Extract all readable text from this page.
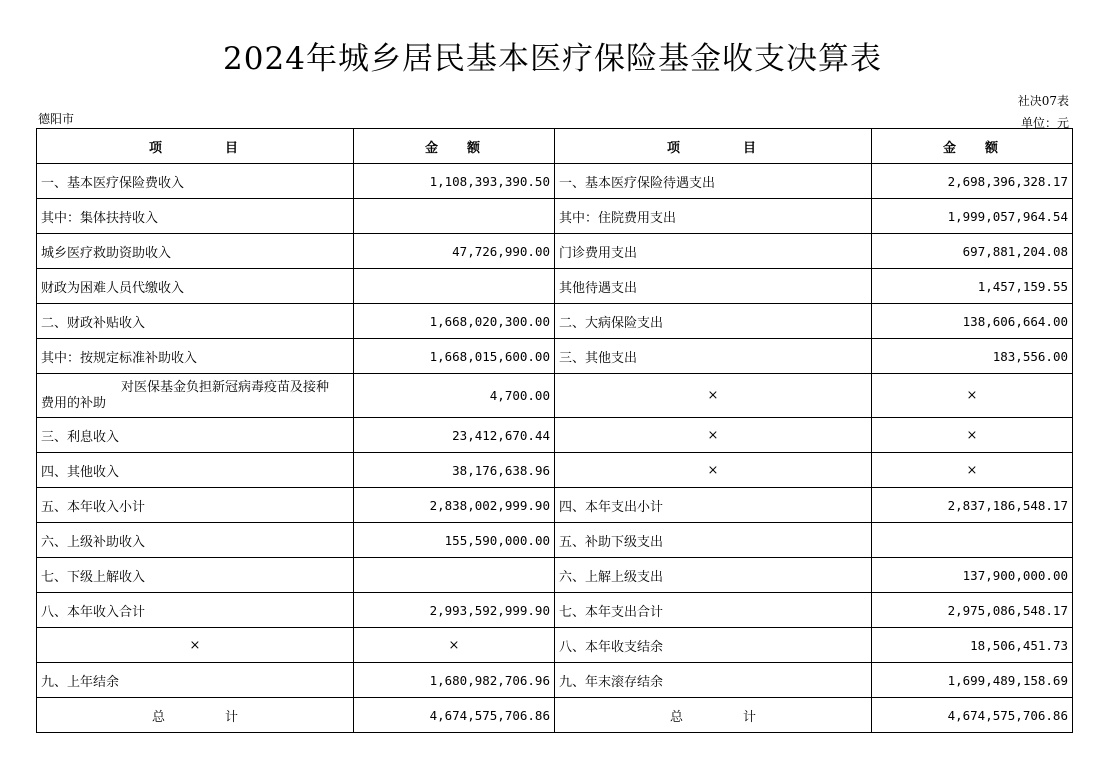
2024年城乡居民基本医疗保险基金收支决算表
社决07表
德阳市	单位：元
项 目	金 额	项 目	金 额
一、基本医疗保险费收入	1,108,393,390.50	一、基本医疗保险待遇支出	2,698,396,328.17
其中：集体扶持收入		其中：住院费用支出	1,999,057,964.54
城乡医疗救助资助收入	47,726,990.00	门诊费用支出	697,881,204.08
财政为困难人员代缴收入		其他待遇支出	1,457,159.55
二、财政补贴收入	1,668,020,300.00	二、大病保险支出	138,606,664.00
其中：按规定标准补助收入	1,668,015,600.00	三、其他支出	183,556.00

对医保基金负担新冠病毒疫苗及接种
费用的补助	4,700.00	×	×
三、利息收入	23,412,670.44	×	×
四、其他收入	38,176,638.96	×	×
五、本年收入小计	2,838,002,999.90	四、本年支出小计	2,837,186,548.17
六、上级补助收入	155,590,000.00	五、补助下级支出	
七、下级上解收入		六、上解上级支出	137,900,000.00
八、本年收入合计	2,993,592,999.90	七、本年支出合计	2,975,086,548.17
×	×	八、本年收支结余	18,506,451.73
九、上年结余	1,680,982,706.96	九、年末滚存结余	1,699,489,158.69
总 计	4,674,575,706.86	总 计	4,674,575,706.86
